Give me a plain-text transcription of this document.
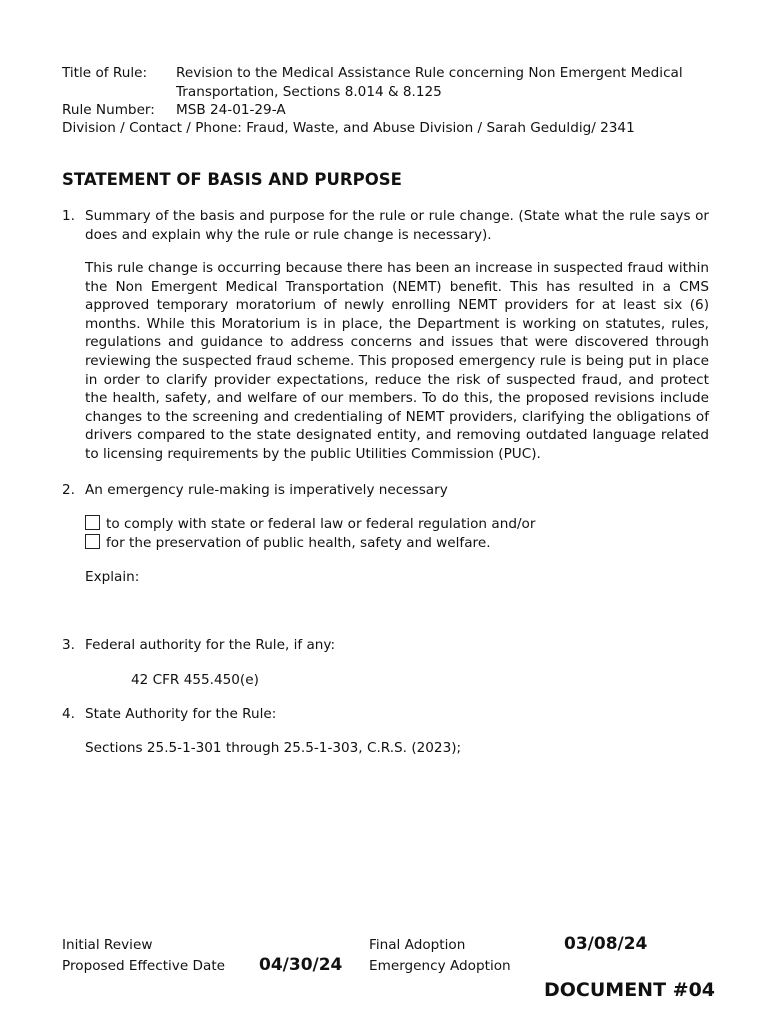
Title of Rule: Revision to the Medical Assistance Rule concerning Non Emergent Medical
Transportation, Sections 8.014 & 8.125
Rule Number: MSB 24-01-29-A
Division / Contact / Phone: Fraud, Waste, and Abuse Division / Sarah Geduldig/ 2341
STATEMENT OF BASIS AND PURPOSE
1. Summary of the basis and purpose for the rule or rule change. (State what the rule says or does and explain why the rule or rule change is necessary).
This rule change is occurring because there has been an increase in suspected fraud within the Non Emergent Medical Transportation (NEMT) benefit. This has resulted in a CMS approved temporary moratorium of newly enrolling NEMT providers for at least six (6) months. While this Moratorium is in place, the Department is working on statutes, rules, regulations and guidance to address concerns and issues that were discovered through reviewing the suspected fraud scheme. This proposed emergency rule is being put in place in order to clarify provider expectations, reduce the risk of suspected fraud, and protect the health, safety, and welfare of our members. To do this, the proposed revisions include changes to the screening and credentialing of NEMT providers, clarifying the obligations of drivers compared to the state designated entity, and removing outdated language related to licensing requirements by the public Utilities Commission (PUC).
2. An emergency rule-making is imperatively necessary
to comply with state or federal law or federal regulation and/or
for the preservation of public health, safety and welfare.
Explain:
3. Federal authority for the Rule, if any:
42 CFR 455.450(e)
4. State Authority for the Rule:
Sections 25.5-1-301 through 25.5-1-303, C.R.S. (2023);
Initial Review
Proposed Effective Date 04/30/24
Final Adoption	03/08/24
Emergency Adoption
DOCUMENT #04
